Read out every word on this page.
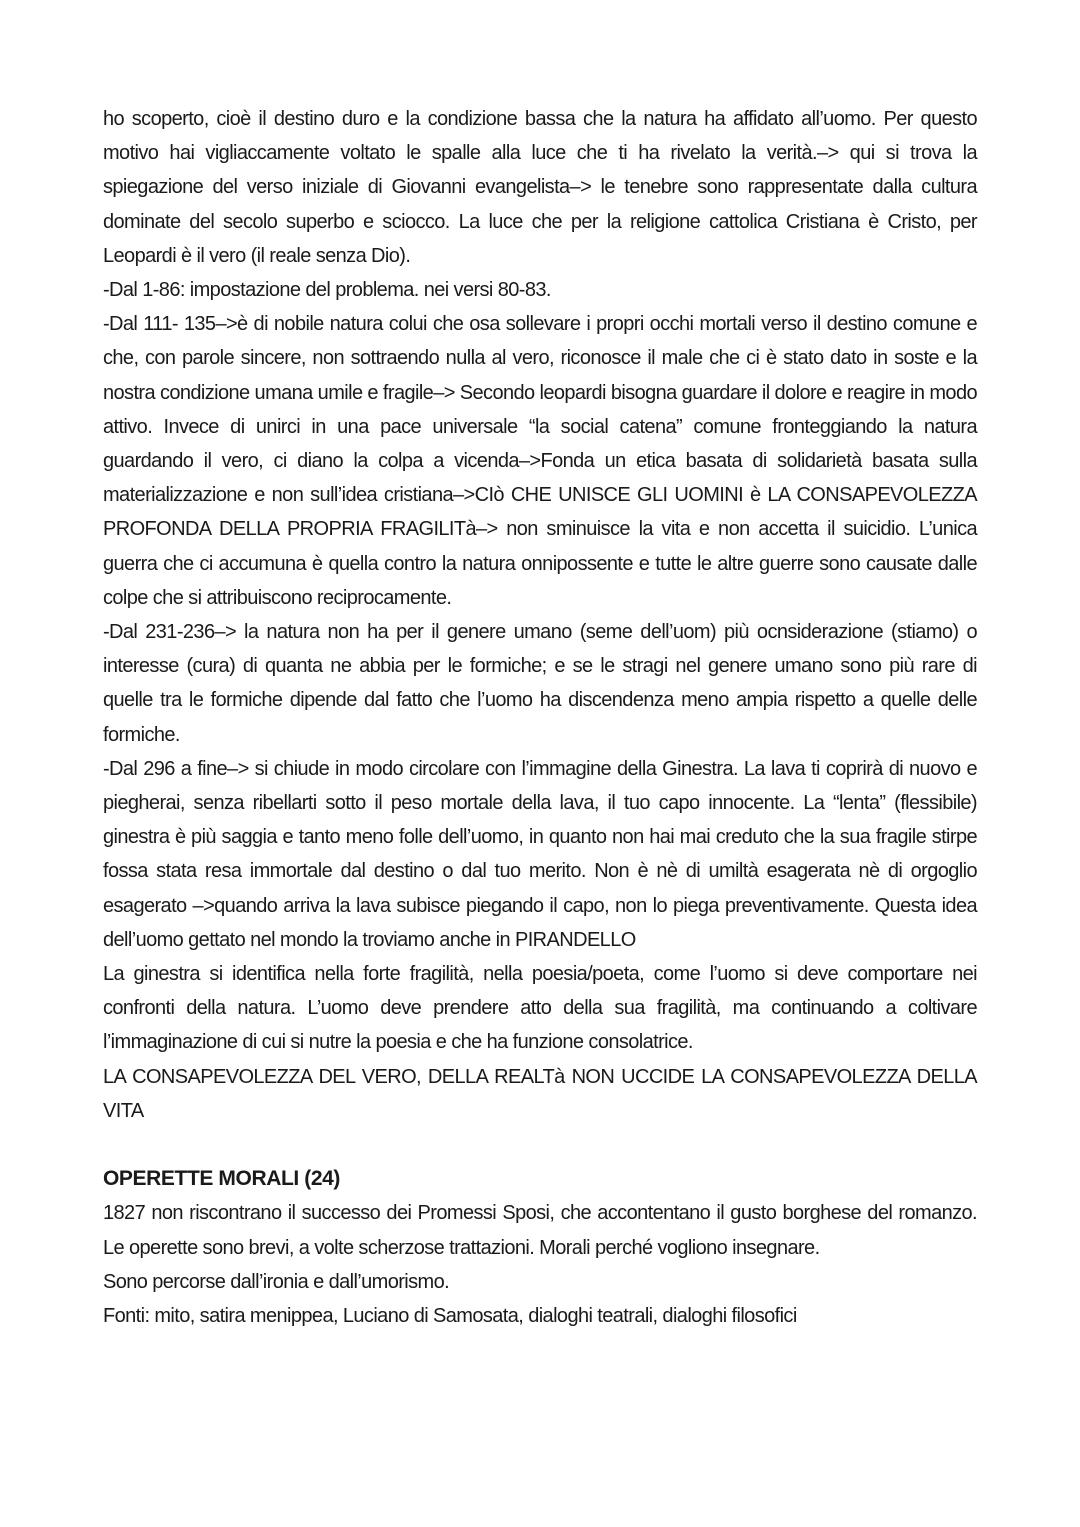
ho scoperto, cioè il destino duro e la condizione bassa che la natura ha affidato all’uomo. Per questo motivo hai vigliaccamente voltato le spalle alla luce che ti ha rivelato la verità.–> qui si trova la spiegazione del verso iniziale di Giovanni evangelista–> le tenebre sono rappresentate dalla cultura dominate del secolo superbo e sciocco. La luce che per la religione cattolica Cristiana è Cristo, per Leopardi è il vero (il reale senza Dio).

-Dal 1-86: impostazione del problema. nei versi 80-83.

-Dal 111- 135–>è di nobile natura colui che osa sollevare i propri occhi mortali verso il destino comune e che, con parole sincere, non sottraendo nulla al vero, riconosce il male che ci è stato dato in soste e la nostra condizione umana umile e fragile–> Secondo leopardi bisogna guardare il dolore e reagire in modo attivo. Invece di unirci in una pace universale “la social catena” comune fronteggiando la natura guardando il vero, ci diano la colpa a vicenda–>Fonda un etica basata di solidarietà basata sulla materializzazione e non sull’idea cristiana–>CIò CHE UNISCE GLI UOMINI è LA CONSAPEVOLEZZA PROFONDA DELLA PROPRIA FRAGILITà–> non sminuisce la vita e non accetta il suicidio. L’unica guerra che ci accumuna è quella contro la natura onnipossente e tutte le altre guerre sono causate dalle colpe che si attribuiscono reciprocamente.

-Dal 231-236–> la natura non ha per il genere umano (seme dell’uom) più ocnsiderazione (stiamo) o interesse (cura) di quanta ne abbia per le formiche; e se le stragi nel genere umano sono più rare di quelle tra le formiche dipende dal fatto che l’uomo ha discendenza meno ampia rispetto a quelle delle formiche.

-Dal 296 a fine–> si chiude in modo circolare con l’immagine della Ginestra. La lava ti coprirà di nuovo e piegherai, senza ribellarti sotto il peso mortale della lava, il tuo capo innocente. La “lenta” (flessibile) ginestra è più saggia e tanto meno folle dell’uomo, in quanto non hai mai creduto che la sua fragile stirpe fossa stata resa immortale dal destino o dal tuo merito. Non è nè di umiltà esagerata nè di orgoglio esagerato –>quando arriva la lava subisce piegando il capo, non lo piega preventivamente. Questa idea dell’uomo gettato nel mondo la troviamo anche in PIRANDELLO

La ginestra si identifica nella forte fragilità, nella poesia/poeta, come l’uomo si deve comportare nei confronti della natura. L’uomo deve prendere atto della sua fragilità, ma continuando a coltivare l’immaginazione di cui si nutre la poesia e che ha funzione consolatrice.

LA CONSAPEVOLEZZA DEL VERO, DELLA REALTà NON UCCIDE LA CONSAPEVOLEZZA DELLA VITA

OPERETTE MORALI (24)

1827 non riscontrano il successo dei Promessi Sposi, che accontentano il gusto borghese del romanzo. Le operette sono brevi, a volte scherzose trattazioni. Morali perché vogliono insegnare.

Sono percorse dall’ironia e dall’umorismo.

Fonti: mito, satira menippea, Luciano di Samosata, dialoghi teatrali, dialoghi filosofici
